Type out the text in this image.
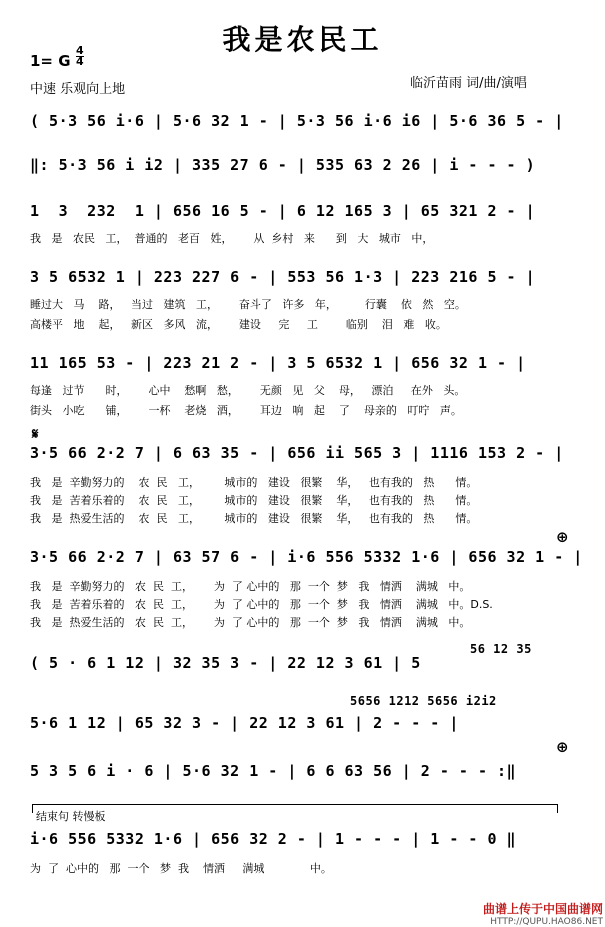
我是农民工
1= G
4
4
中速 乐观向上地	临沂苗雨 词/曲/演唱
( 5·3 56 i·6 | 5·6 32 1 - | 5·3 56 i·6 i6 | 5·6 36 5 - |
‖: 5·3 56 i i2 | 335 27 6 - | 535 63 2 26 | i - - - )
1  3  232  1 | 656 16 5 - | 6 12 165 3 | 65 321 2 - |
我   是   农民   工，  普通的   老百   姓，      从  乡村   来      到   大   城市   中，
3 5 6532 1 | 223 227 6 - | 553 56 1·3 | 223 216 5 - |
睡过大   马    路，   当过   建筑   工，      奋斗了   许多   年，        行囊    依   然   空。
高楼平   地    起，   新区   多风   流，      建设     完     工        临别    泪   难   收。
11 165 53 - | 223 21 2 - | 3 5 6532 1 | 656 32 1 - |
每逢   过节      时，      心中    愁啊   愁，      无颜   见   父    母，   漂泊     在外   头。
街头   小吃      铺，      一杯    老烧   酒，      耳边   响   起    了    母亲的   叮咛   声。
𝄋
3·5 66 2·2 7 | 6 63 35 - | 656 ii 565 3 | 1116 153 2 - |
我   是  辛勤努力的    农  民   工，       城市的   建设   很繁    华，   也有我的   热      情。
我   是  苦着乐着的    农  民   工，       城市的   建设   很繁    华，   也有我的   热      情。
我   是  热爱生活的    农  民   工，       城市的   建设   很繁    华，   也有我的   热      情。
⊕
3·5 66 2·2 7 | 63 57 6 - | i·6 556 5332 1·6 | 656 32 1 - |
我   是  辛勤努力的   农  民  工，      为  了 心中的   那  一个  梦   我   情洒    满城   中。
我   是  苦着乐着的   农  民  工，      为  了 心中的   那  一个  梦   我   情洒    满城   中。D.S.
我   是  热爱生活的   农  民  工，      为  了 心中的   那  一个  梦   我   情洒    满城   中。
( 5 · 6 1 12 | 32 35 3 - | 22 12 3 61 | 5
56 12 35
5656 1212 5656 i2i2
5·6 1 12 | 65 32 3 - | 22 12 3 61 | 2 - - - |
⊕
5 3 5 6 i · 6 | 5·6 32 1 - | 6 6 63 56 | 2 - - - :‖
结束句 转慢板
i·6 556 5332 1·6 | 656 32 2 - | 1 - - - | 1 - - 0 ‖
为  了  心中的   那  一个   梦  我    情洒     满城             中。
曲谱上传于中国曲谱网
HTTP://QUPU.HAO86.NET
